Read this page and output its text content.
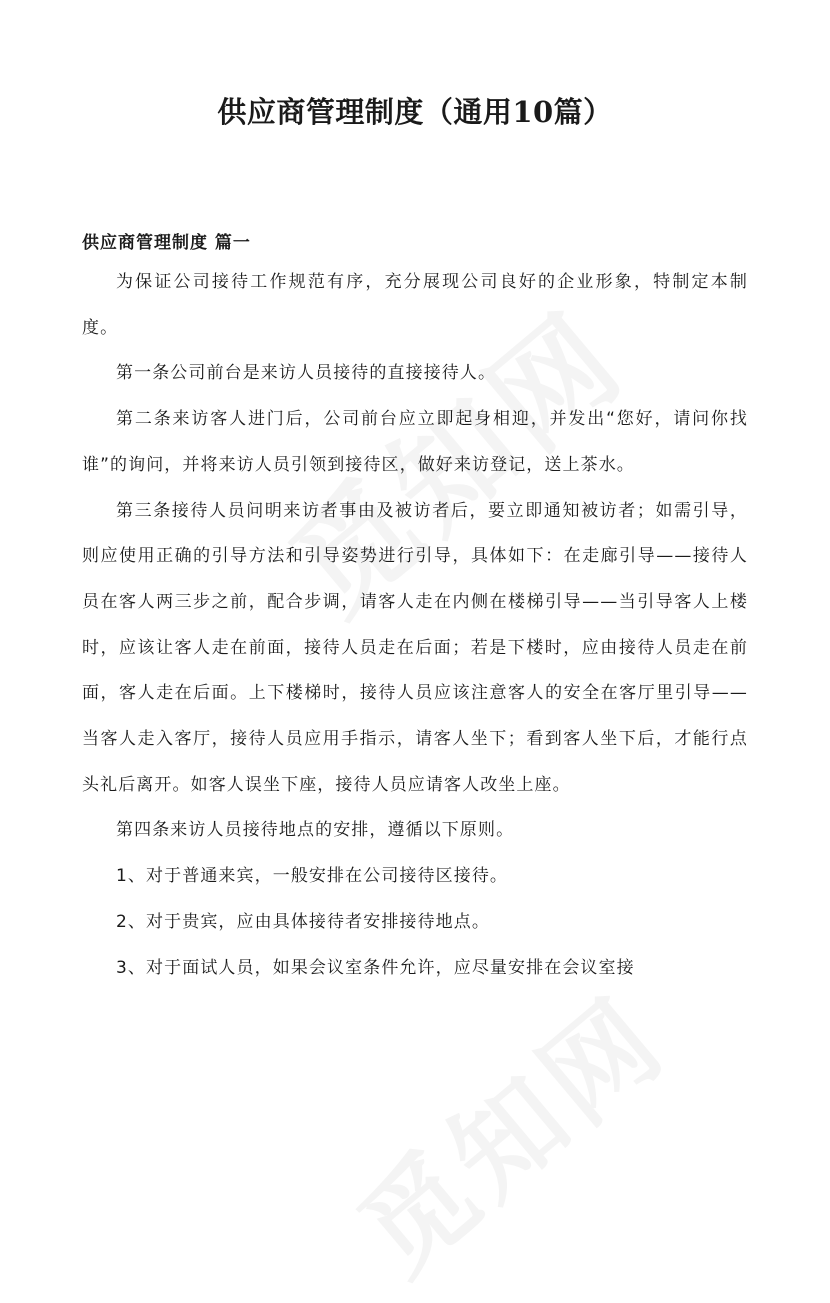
供应商管理制度（通用10篇）
供应商管理制度 篇一

为保证公司接待工作规范有序，充分展现公司良好的企业形象，特制定本制度。

第一条公司前台是来访人员接待的直接接待人。

第二条来访客人进门后，公司前台应立即起身相迎，并发出“您好，请问你找谁”的询问，并将来访人员引领到接待区，做好来访登记，送上茶水。

第三条接待人员问明来访者事由及被访者后，要立即通知被访者；如需引导，则应使用正确的引导方法和引导姿势进行引导，具体如下：在走廊引导——接待人员在客人两三步之前，配合步调，请客人走在内侧在楼梯引导——当引导客人上楼时，应该让客人走在前面，接待人员走在后面；若是下楼时，应由接待人员走在前面，客人走在后面。上下楼梯时，接待人员应该注意客人的安全在客厅里引导——当客人走入客厅，接待人员应用手指示，请客人坐下；看到客人坐下后，才能行点头礼后离开。如客人误坐下座，接待人员应请客人改坐上座。

第四条来访人员接待地点的安排，遵循以下原则。

1、对于普通来宾，一般安排在公司接待区接待。

2、对于贵宾，应由具体接待者安排接待地点。

3、对于面试人员，如果会议室条件允许，应尽量安排在会议室接
